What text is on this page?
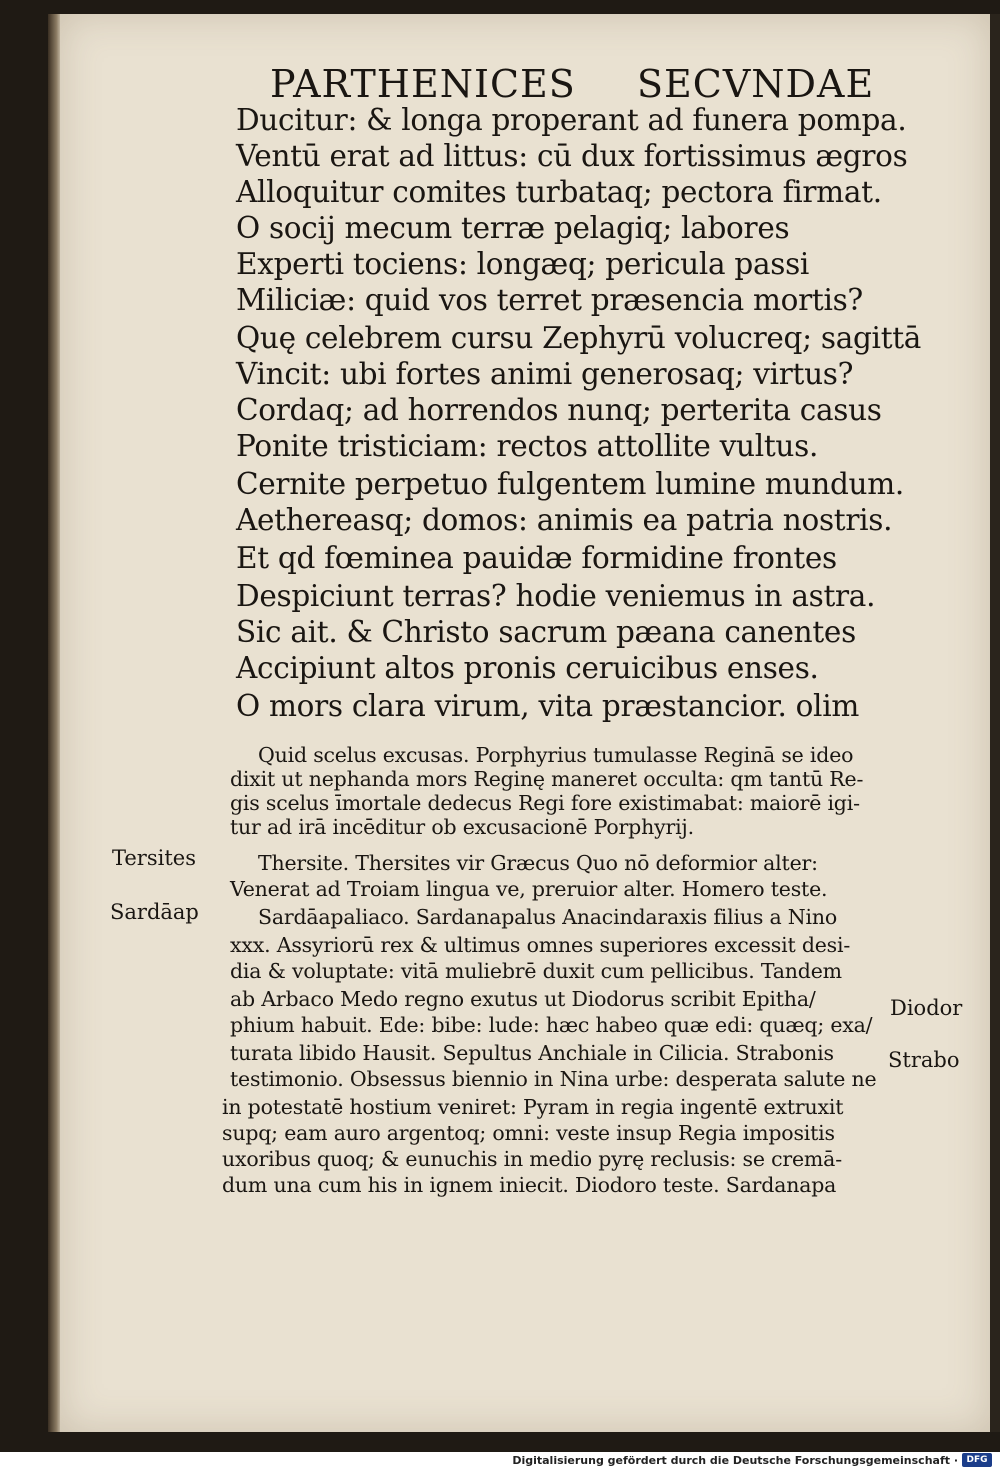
PARTHENICES SECVNDAE
Ducitur: & longa properant ad funera pompa.
Ventū erat ad littus: cū dux fortissimus ægros
Alloquitur comites turbataq; pectora firmat.
O socij mecum terræ pelagiq; labores
Experti tociens: longæq; pericula passi
Miliciæ: quid vos terret præsencia mortis?
Quę celebrem cursu Zephyrū volucreq; sagittā
Vincit: ubi fortes animi generosaq; virtus?
Cordaq; ad horrendos nunq; perterita casus
Ponite tristiciam: rectos attollite vultus.
Cernite perpetuo fulgentem lumine mundum.
Aethereasq; domos: animis ea patria nostris.
Et qd fœminea pauidæ formidine frontes
Despiciunt terras? hodie veniemus in astra.
Sic ait. & Christo sacrum pæana canentes
Accipiunt altos pronis ceruicibus enses.
O mors clara virum, vita præstancior. olim
Quid scelus excusas. Porphyrius tumulasse Reginā se ideo
dixit ut nephanda mors Reginę maneret occulta: qm tantū Re-
gis scelus īmortale dedecus Regi fore existimabat: maiorē igi-
tur ad irā incēditur ob excusacionē Porphyrij.
Thersite. Thersites vir Græcus Quo nō deformior alter:
Venerat ad Troiam lingua ve, preruior alter. Homero teste.
Sardāapaliaco. Sardanapalus Anacindaraxis filius a Nino
xxx. Assyriorū rex & ultimus omnes superiores excessit desi-
dia & voluptate: vitā muliebrē duxit cum pellicibus. Tandem
ab Arbaco Medo regno exutus ut Diodorus scribit Epitha/
phium habuit. Ede: bibe: lude: hæc habeo quæ edi: quæq; exa/
turata libido Hausit. Sepultus Anchiale in Cilicia. Strabonis
testimonio. Obsessus biennio in Nina urbe: desperata salute ne
in potestatē hostium veniret: Pyram in regia ingentē extruxit
supq; eam auro argentoq; omni: veste insup Regia impositis
uxoribus quoq; & eunuchis in medio pyrę reclusis: se cremā-
dum una cum his in ignem iniecit. Diodoro teste. Sardanapa
Tersites
Sardāap
Diodor
Strabo
Digitalisierung gefördert durch die Deutsche Forschungsgemeinschaft · DFG
